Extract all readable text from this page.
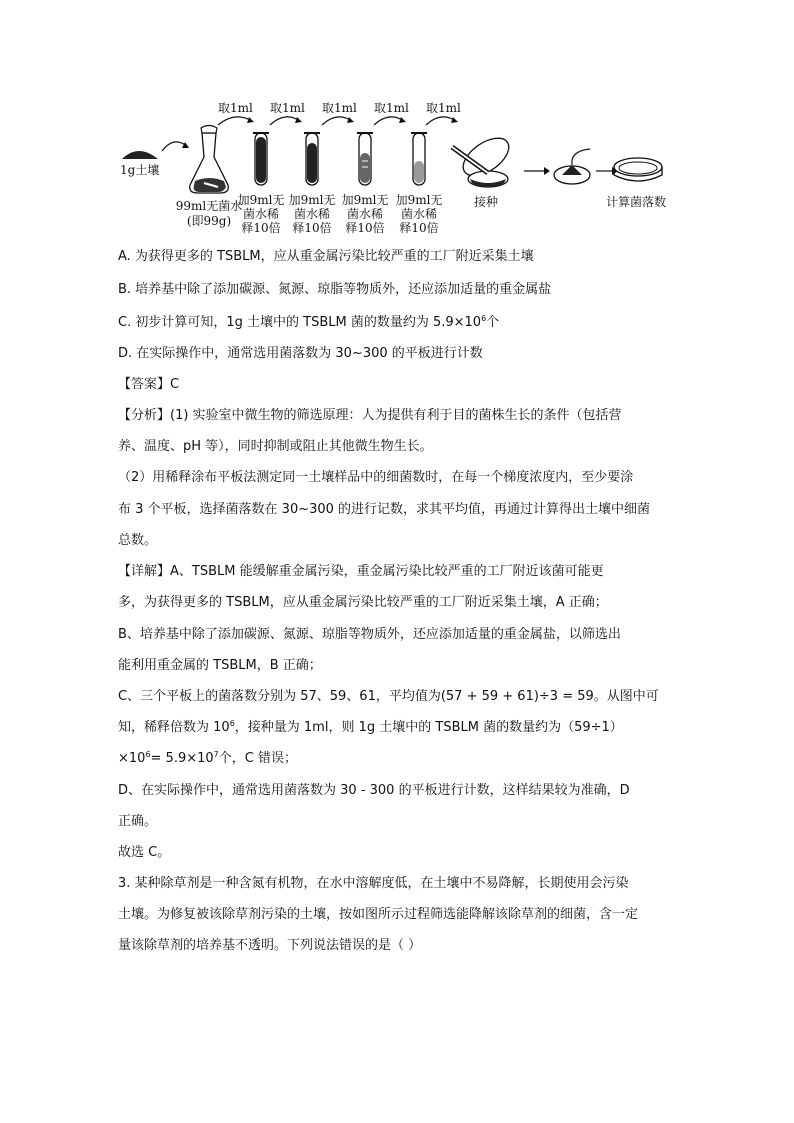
取1ml 取1ml 取1ml 取1ml 取1ml
1g土壤
99ml无菌水
(即99g)
加9ml无
菌水稀
释10倍
加9ml无
菌水稀
释10倍
加9ml无
菌水稀
释10倍
加9ml无
菌水稀
释10倍
接种	计算菌落数
A. 为获得更多的 TSBLM，应从重金属污染比较严重的工厂附近采集土壤
B. 培养基中除了添加碳源、氮源、琼脂等物质外，还应添加适量的重金属盐
C. 初步计算可知，1g 土壤中的 TSBLM 菌的数量约为 $5.9\times 10^6$个
D. 在实际操作中，通常选用菌落数为 30~300 的平板进行计数
【答案】C
【分析】(1) 实验室中微生物的筛选原理：人为提供有利于目的菌株生长的条件（包括营
养、温度、pH 等），同时抑制或阻止其他微生物生长。
（2）用稀释涂布平板法测定同一土壤样品中的细菌数时，在每一个梯度浓度内，至少要涂
布 3 个平板，选择菌落数在 30~300 的进行记数，求其平均值，再通过计算得出土壤中细菌
总数。
【详解】A、TSBLM 能缓解重金属污染，重金属污染比较严重的工厂附近该菌可能更
多，为获得更多的 TSBLM，应从重金属污染比较严重的工厂附近采集土壤，A 正确；
B、培养基中除了添加碳源、氮源、琼脂等物质外，还应添加适量的重金属盐，以筛选出
能利用重金属的 TSBLM，B 正确；
C、三个平板上的菌落数分别为 57、59、61，平均值为(57 + 59 + 61)÷3 = 59。从图中可
知，稀释倍数为 $10^6$，接种量为 1ml，则 1g 土壤中的 TSBLM 菌的数量约为（59÷1）
$\times 10^6= 5.9\times 10^7$个，C 错误；
D、在实际操作中，通常选用菌落数为 30 - 300 的平板进行计数，这样结果较为准确，D
正确。
故选 C。
3. 某种除草剂是一种含氮有机物，在水中溶解度低，在土壤中不易降解，长期使用会污染
土壤。为修复被该除草剂污染的土壤，按如图所示过程筛选能降解该除草剂的细菌，含一定
量该除草剂的培养基不透明。下列说法错误的是（ ）
